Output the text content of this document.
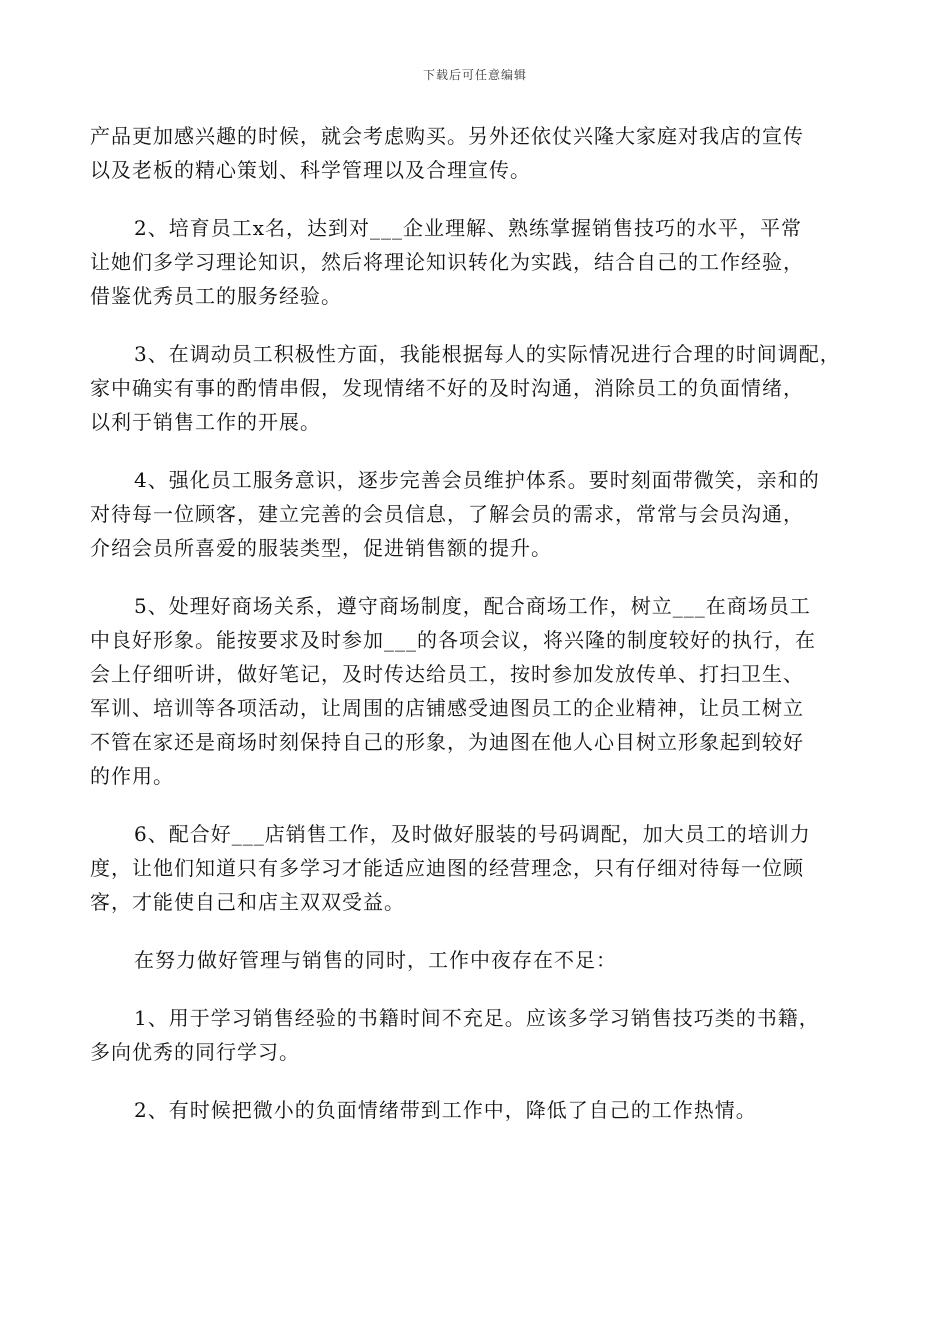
下载后可任意编辑
产品更加感兴趣的时候，就会考虑购买。另外还依仗兴隆大家庭对我店的宣传
以及老板的精心策划、科学管理以及合理宣传。
2、培育员工x名，达到对___企业理解、熟练掌握销售技巧的水平，平常
让她们多学习理论知识，然后将理论知识转化为实践，结合自己的工作经验，
借鉴优秀员工的服务经验。
3、在调动员工积极性方面，我能根据每人的实际情况进行合理的时间调配，
家中确实有事的酌情串假，发现情绪不好的及时沟通，消除员工的负面情绪，
以利于销售工作的开展。
4、强化员工服务意识，逐步完善会员维护体系。要时刻面带微笑，亲和的
对待每一位顾客，建立完善的会员信息，了解会员的需求，常常与会员沟通，
介绍会员所喜爱的服装类型，促进销售额的提升。
5、处理好商场关系，遵守商场制度，配合商场工作，树立___在商场员工
中良好形象。能按要求及时参加___的各项会议，将兴隆的制度较好的执行，在
会上仔细听讲，做好笔记，及时传达给员工，按时参加发放传单、打扫卫生、
军训、培训等各项活动，让周围的店铺感受迪图员工的企业精神，让员工树立
不管在家还是商场时刻保持自己的形象，为迪图在他人心目树立形象起到较好
的作用。
6、配合好___店销售工作，及时做好服装的号码调配，加大员工的培训力
度，让他们知道只有多学习才能适应迪图的经营理念，只有仔细对待每一位顾
客，才能使自己和店主双双受益。
在努力做好管理与销售的同时，工作中夜存在不足：
1、用于学习销售经验的书籍时间不充足。应该多学习销售技巧类的书籍，
多向优秀的同行学习。
2、有时候把微小的负面情绪带到工作中，降低了自己的工作热情。
